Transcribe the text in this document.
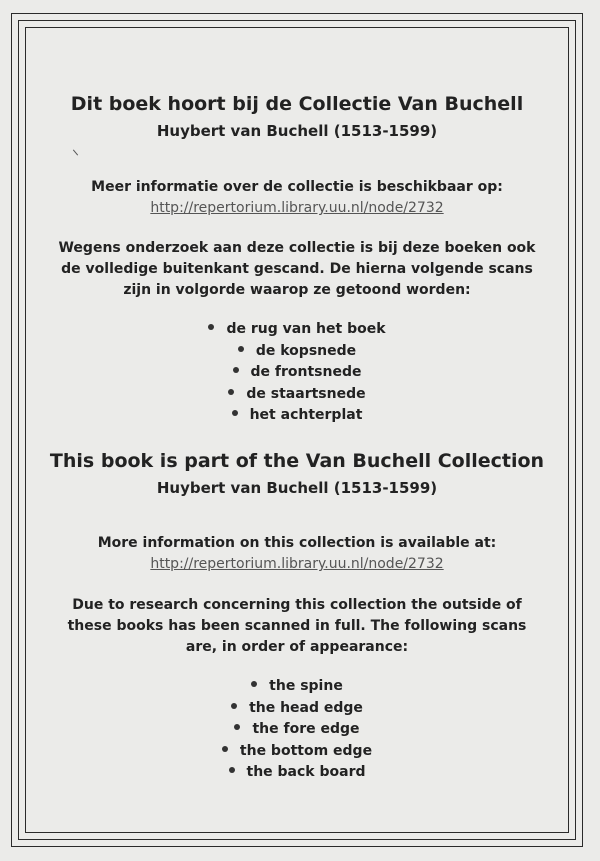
Dit boek hoort bij de Collectie Van Buchell
Huybert van Buchell (1513-1599)
Meer informatie over de collectie is beschikbaar op:
http://repertorium.library.uu.nl/node/2732
Wegens onderzoek aan deze collectie is bij deze boeken ook de volledige buitenkant gescand. De hierna volgende scans zijn in volgorde waarop ze getoond worden:
de rug van het boek
de kopsnede
de frontsnede
de staartsnede
het achterplat
This book is part of the Van Buchell Collection
Huybert van Buchell (1513-1599)
More information on this collection is available at:
http://repertorium.library.uu.nl/node/2732
Due to research concerning this collection the outside of these books has been scanned in full. The following scans are, in order of appearance:
the spine
the head edge
the fore edge
the bottom edge
the back board
